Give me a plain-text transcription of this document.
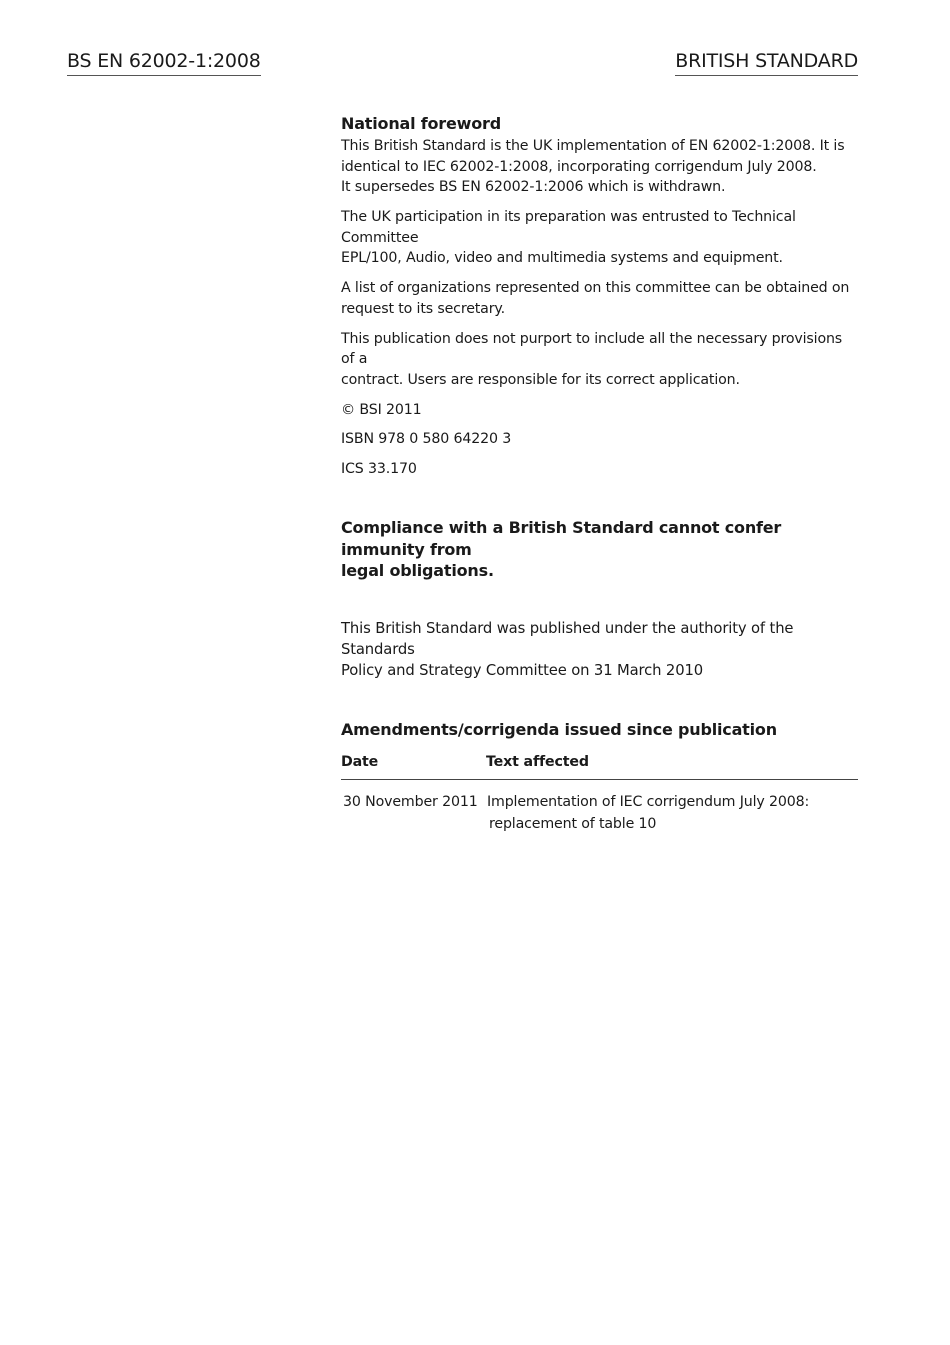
BS EN 62002-1:2008	BRITISH STANDARD

National foreword

This British Standard is the UK implementation of EN 62002-1:2008. It is
identical to IEC 62002-1:2008, incorporating corrigendum July 2008.
It supersedes BS EN 62002-1:2006 which is withdrawn.

The UK participation in its preparation was entrusted to Technical Committee
EPL/100, Audio, video and multimedia systems and equipment.

A list of organizations represented on this committee can be obtained on
request to its secretary.

This publication does not purport to include all the necessary provisions of a
contract. Users are responsible for its correct application.

© BSI 2011

ISBN 978 0 580 64220 3

ICS 33.170

Compliance with a British Standard cannot confer immunity from
legal obligations.

This British Standard was published under the authority of the Standards
Policy and Strategy Committee on 31 March 2010

Amendments/corrigenda issued since publication

Date	Text affected
30 November 2011	Implementation of IEC corrigendum July 2008:
replacement of table 10
